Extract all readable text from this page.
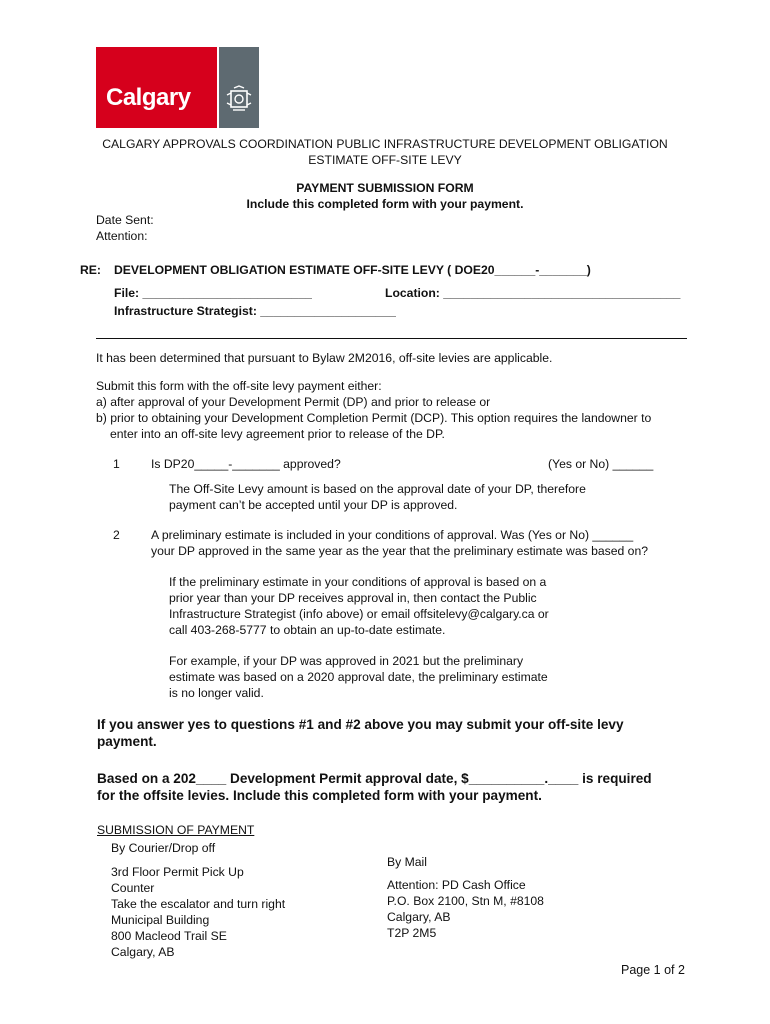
Calgary
CALGARY APPROVALS COORDINATION PUBLIC INFRASTRUCTURE DEVELOPMENT OBLIGATION
ESTIMATE OFF-SITE LEVY
PAYMENT SUBMISSION FORM
Include this completed form with your payment.
Date Sent:
Attention:
RE: DEVELOPMENT OBLIGATION ESTIMATE OFF-SITE LEVY ( DOE20______-_______)
File: _________________________	Location: ___________________________________
Infrastructure Strategist: ____________________
It has been determined that pursuant to Bylaw 2M2016, off-site levies are applicable.
Submit this form with the off-site levy payment either:
a) after approval of your Development Permit (DP) and prior to release or
b) prior to obtaining your Development Completion Permit (DCP). This option requires the landowner to
enter into an off-site levy agreement prior to release of the DP.
1	Is DP20_____-_______ approved?	(Yes or No) ______
The Off-Site Levy amount is based on the approval date of your DP, therefore
payment can’t be accepted until your DP is approved.
2	A preliminary estimate is included in your conditions of approval. Was (Yes or No) ______
your DP approved in the same year as the year that the preliminary estimate was based on?
If the preliminary estimate in your conditions of approval is based on a
prior year than your DP receives approval in, then contact the Public
Infrastructure Strategist (info above) or email offsitelevy@calgary.ca or
call 403-268-5777 to obtain an up-to-date estimate.
For example, if your DP was approved in 2021 but the preliminary
estimate was based on a 2020 approval date, the preliminary estimate
is no longer valid.
If you answer yes to questions #1 and #2 above you may submit your off-site levy
payment.
Based on a 202____ Development Permit approval date, $__________.____ is required
for the offsite levies. Include this completed form with your payment.
SUBMISSION OF PAYMENT
By Courier/Drop off
3rd Floor Permit Pick Up
Counter
Take the escalator and turn right
Municipal Building
800 Macleod Trail SE
Calgary, AB
By Mail
Attention: PD Cash Office
P.O. Box 2100, Stn M, #8108
Calgary, AB
T2P 2M5
Page 1 of 2
